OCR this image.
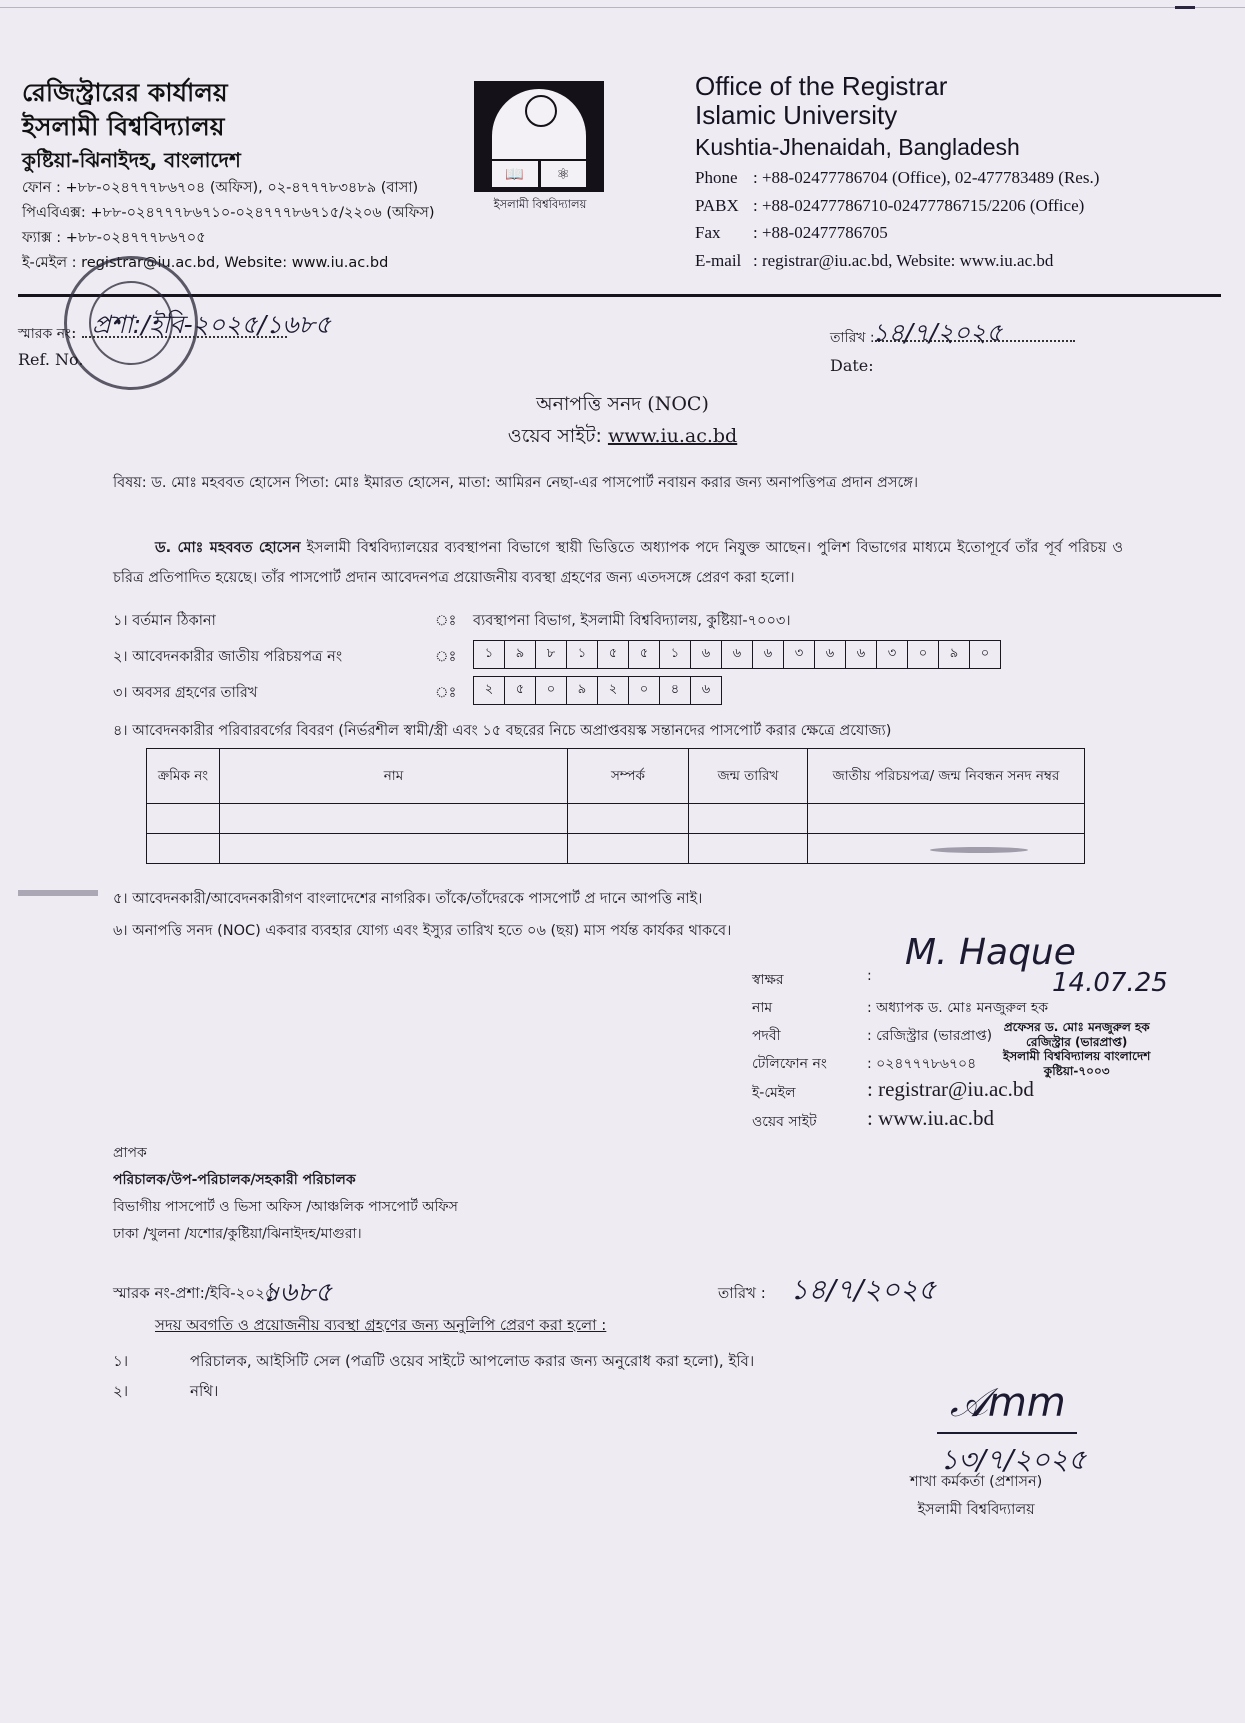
রেজিস্ট্রারের কার্যালয়
ইসলামী বিশ্ববিদ্যালয়
কুষ্টিয়া-ঝিনাইদহ, বাংলাদেশ
ফোন : +৮৮-০২৪৭৭৭৮৬৭০৪ (অফিস), ০২-৪৭৭৭৮৩৪৮৯ (বাসা)
পিএবিএক্স: +৮৮-০২৪৭৭৭৮৬৭১০-০২৪৭৭৭৮৬৭১৫/২২০৬ (অফিস)
ফ্যাক্স : +৮৮-০২৪৭৭৭৮৬৭০৫
ই-মেইল : registrar@iu.ac.bd, Website: www.iu.ac.bd
📖	⚛
ইসলামী বিশ্ববিদ্যালয়
Office of the Registrar
Islamic University
Kushtia-Jhenaidah, Bangladesh
Phone : +88-02477786704 (Office), 02-477783489 (Res.)
PABX : +88-02477786710-02477786715/2206 (Office)
Fax : +88-02477786705
E-mail : registrar@iu.ac.bd, Website: www.iu.ac.bd
স্মারক নং:
Ref. No.
প্রশা:/ইবি-২০২৫/১৬৮৫	তারিখ :
Date:
১৪/৭/২০২৫
অনাপত্তি সনদ (NOC)
ওয়েব সাইট: www.iu.ac.bd
বিষয়: ড. মোঃ মহববত হোসেন পিতা: মোঃ ইমারত হোসেন, মাতা: আমিরন নেছা-এর পাসপোর্ট নবায়ন করার জন্য অনাপত্তিপত্র প্রদান প্রসঙ্গে।
ড. মোঃ মহববত হোসেন ইসলামী বিশ্ববিদ্যালয়ের ব্যবস্থাপনা বিভাগে স্থায়ী ভিত্তিতে অধ্যাপক পদে নিযুক্ত আছেন। পুলিশ বিভাগের মাধ্যমে ইতোপূর্বে তাঁর পূর্ব পরিচয় ও চরিত্র প্রতিপাদিত হয়েছে। তাঁর পাসপোর্ট প্রদান আবেদনপত্র প্রয়োজনীয় ব্যবস্থা গ্রহণের জন্য এতদসঙ্গে প্রেরণ করা হলো।
১। বর্তমান ঠিকানা	ঃ ব্যবস্থাপনা বিভাগ, ইসলামী বিশ্ববিদ্যালয়, কুষ্টিয়া-৭০০৩।
২। আবেদনকারীর জাতীয় পরিচয়পত্র নং	ঃ	১	৯	৮	১	৫	৫	১	৬	৬	৬	৩	৬	৬	৩	০	৯	০
৩। অবসর গ্রহণের তারিখ	ঃ	২	৫	০	৯	২	০	৪	৬
৪। আবেদনকারীর পরিবারবর্গের বিবরণ (নির্ভরশীল স্বামী/স্ত্রী এবং ১৫ বছরের নিচে অপ্রাপ্তবয়স্ক সন্তানদের পাসপোর্ট করার ক্ষেত্রে প্রযোজ্য)
৫। আবেদনকারী/আবেদনকারীগণ বাংলাদেশের নাগরিক। তাঁকে/তাঁদেরকে পাসপোর্ট প্র দানে আপত্তি নাই।
৬। অনাপত্তি সনদ (NOC) একবার ব্যবহার যোগ্য এবং ইস্যুর তারিখ হতে ০৬ (ছয়) মাস পর্যন্ত কার্যকর থাকবে।
ক্রমিক নং	নাম	সম্পর্ক	জন্ম তারিখ	জাতীয় পরিচয়পত্র/ জন্ম নিবন্ধন সনদ নম্বর

M. Haque
14.07.25
স্বাক্ষর	:
নাম	: অধ্যাপক ড. মোঃ মনজুরুল হক
পদবী	: রেজিস্ট্রার (ভারপ্রাপ্ত)
টেলিফোন নং	: ০২৪৭৭৭৮৬৭০৪
ই-মেইল	: registrar@iu.ac.bd
ওয়েব সাইট : www.iu.ac.bd
প্রফেসর ড. মোঃ মনজুরুল হক
রেজিস্ট্রার (ভারপ্রাপ্ত)
ইসলামী বিশ্ববিদ্যালয় বাংলাদেশ
কুষ্টিয়া-৭০০৩
প্রাপক
পরিচালক/উপ-পরিচালক/সহকারী পরিচালক
বিভাগীয় পাসপোর্ট ও ভিসা অফিস /আঞ্চলিক পাসপোর্ট অফিস
ঢাকা /খুলনা /যশোর/কুষ্টিয়া/ঝিনাইদহ/মাগুরা।
স্মারক নং-প্রশা:/ইবি-২০২৫/
১৬৮৫	তারিখ : ১৪/৭/২০২৫
সদয় অবগতি ও প্রয়োজনীয় ব্যবস্থা গ্রহণের জন্য অনুলিপি প্রেরণ করা হলো :
১।	পরিচালক, আইসিটি সেল (পত্রটি ওয়েব সাইটে আপলোড করার জন্য অনুরোধ করা হলো), ইবি।
২।	নথি।	𝒜mm
১৩/৭/২০২৫
শাখা কর্মকর্তা (প্রশাসন)
ইসলামী বিশ্ববিদ্যালয়
